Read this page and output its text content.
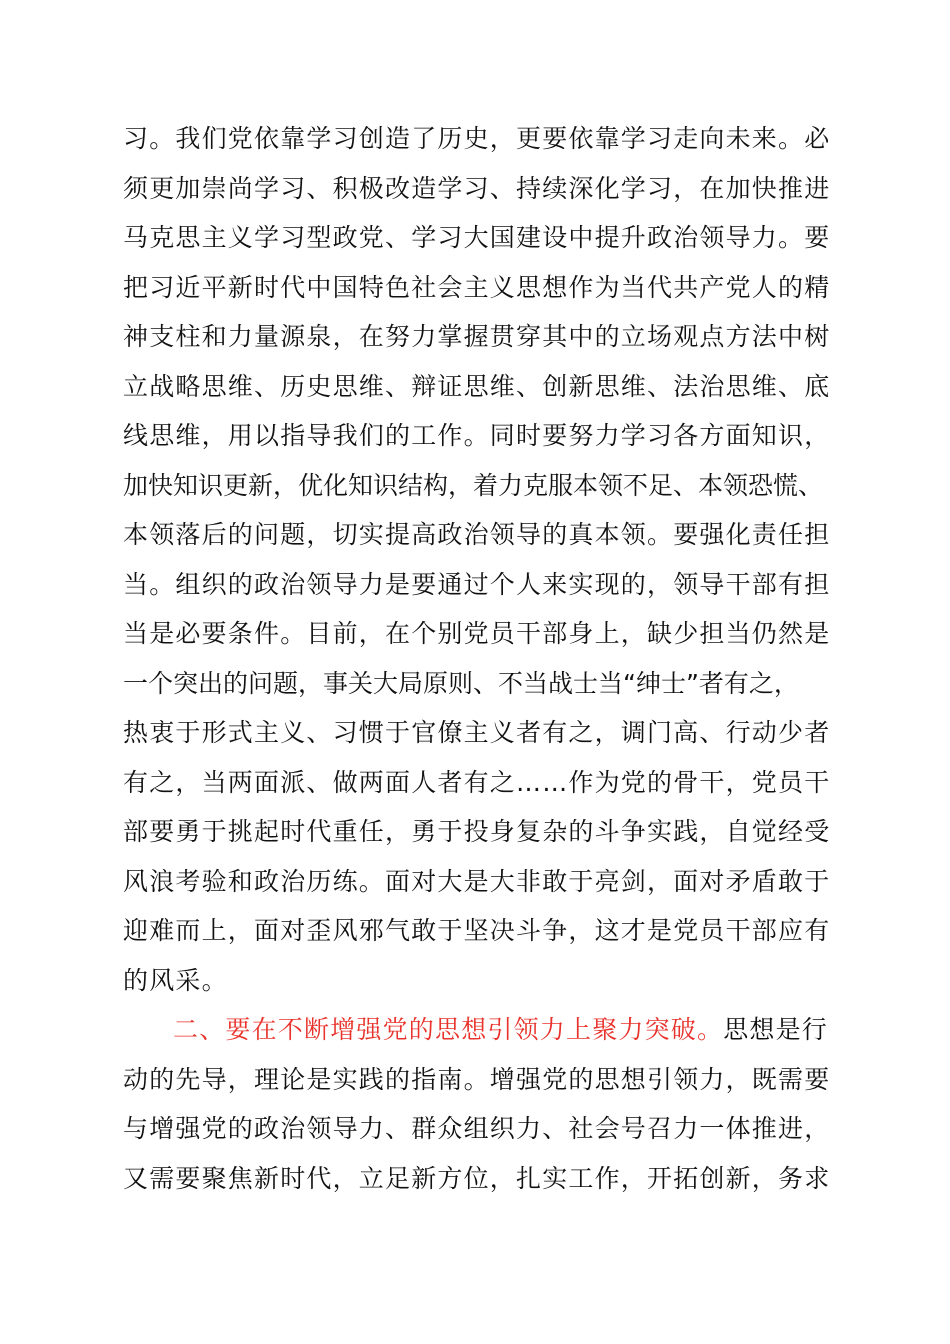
习。我们党依靠学习创造了历史，更要依靠学习走向未来。必
须更加崇尚学习、积极改造学习、持续深化学习，在加快推进
马克思主义学习型政党、学习大国建设中提升政治领导力。要
把习近平新时代中国特色社会主义思想作为当代共产党人的精
神支柱和力量源泉，在努力掌握贯穿其中的立场观点方法中树
立战略思维、历史思维、辩证思维、创新思维、法治思维、底
线思维，用以指导我们的工作。同时要努力学习各方面知识，
加快知识更新，优化知识结构，着力克服本领不足、本领恐慌、
本领落后的问题，切实提高政治领导的真本领。要强化责任担
当。组织的政治领导力是要通过个人来实现的，领导干部有担
当是必要条件。目前，在个别党员干部身上，缺少担当仍然是
一个突出的问题，事关大局原则、不当战士当“绅士”者有之，
热衷于形式主义、习惯于官僚主义者有之，调门高、行动少者
有之，当两面派、做两面人者有之……作为党的骨干，党员干
部要勇于挑起时代重任，勇于投身复杂的斗争实践，自觉经受
风浪考验和政治历练。面对大是大非敢于亮剑，面对矛盾敢于
迎难而上，面对歪风邪气敢于坚决斗争，这才是党员干部应有
的风采。
二、要在不断增强党的思想引领力上聚力突破。思想是行
动的先导，理论是实践的指南。增强党的思想引领力，既需要
与增强党的政治领导力、群众组织力、社会号召力一体推进，
又需要聚焦新时代，立足新方位，扎实工作，开拓创新，务求
